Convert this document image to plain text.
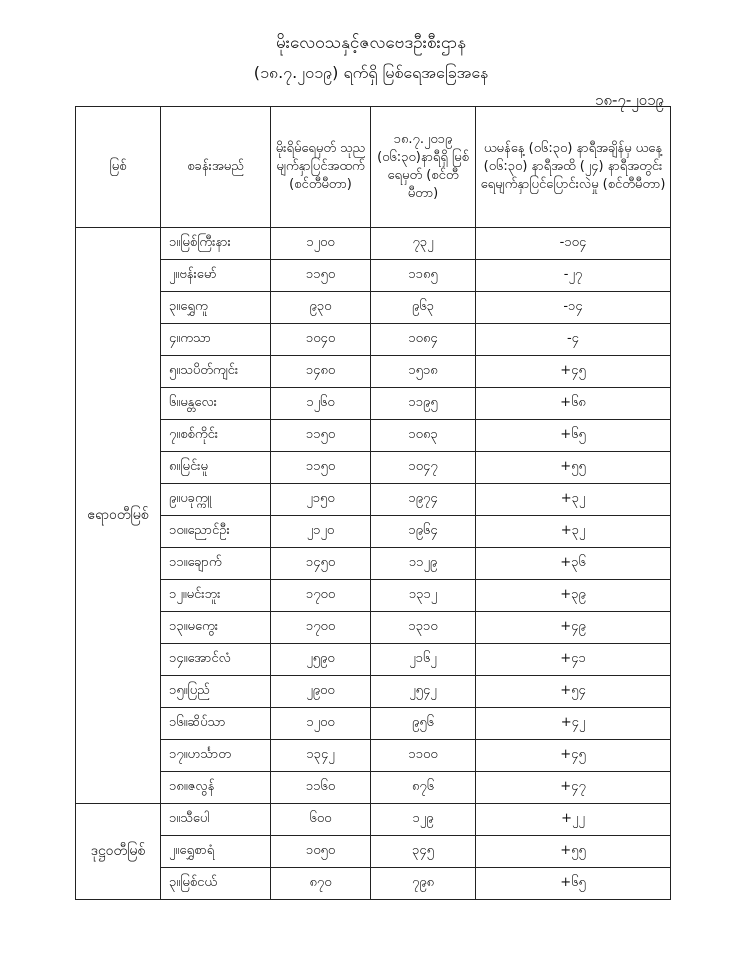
မိုးလေဝသနှင့်ဇလဗေဒဦးစီးဌာန
(၁၈.၇.၂၀၁၉) ရက်ရှိ မြစ်ရေအခြေအနေ
၁၈-၇-၂၀၁၉
မြစ်	စခန်းအမည်	မိုးရိမ်ရေမှတ် သုညမျက်နှာပြင်အထက် (စင်တီမီတာ)	၁၈.၇.၂၀၁၉ (၀၆:၃၀)နာရီရှိ မြစ်ရေမှတ် (စင်တီမီတာ)	ယမန်နေ့ (၀၆:၃၀) နာရီအချိန်မှ ယနေ့ (၀၆:၃၀) နာရီအထိ (၂၄) နာရီအတွင်း ရေမျက်နှာပြင်ပြောင်းလဲမှု (စင်တီမီတာ)
ဧရာဝတီမြစ်	၁။မြစ်ကြီးနား	၁၂၀၀	၇၃၂	-၁၀၄
	၂။ဗန်းမော်	၁၁၅၀	၁၁၈၅	-၂၇
	၃။ရွှေကူ	၉၃၀	၉၆၃	-၁၄
	၄။ကသာ	၁၀၄၀	၁၀၈၄	-၄
	၅။သပိတ်ကျင်း	၁၄၈၀	၁၅၁၈	+၄၅
	၆။မန္တလေး	၁၂၆၀	၁၁၉၅	+၆၈
	၇။စစ်ကိုင်း	၁၁၅၀	၁၀၈၃	+၆၅
	၈။မြင်းမူ	၁၁၅၀	၁၀၄၇	+၅၅
	၉။ပခုက္ကူ	၂၁၅၀	၁၉၇၄	+၃၂
	၁၀။ညောင်ဦး	၂၁၂၀	၁၉၆၄	+၃၂
	၁၁။ချောက်	၁၄၅၀	၁၁၂၉	+၃၆
	၁၂။မင်းဘူး	၁၇၀၀	၁၃၁၂	+၃၉
	၁၃။မကွေး	၁၇၀၀	၁၃၁၀	+၄၉
	၁၄။အောင်လံ	၂၅၉၀	၂၁၆၂	+၄၁
	၁၅။ပြည်	၂၉၀၀	၂၅၄၂	+၅၄
	၁၆။ဆိပ်သာ	၁၂၀၀	၉၅၆	+၄၂
	၁၇။ဟင်္သာတ	၁၃၄၂	၁၁၀၀	+၄၅
	၁၈။ဇလွန်	၁၁၆၀	၈၇၆	+၄၇
ဒုဋ္ဌဝတီမြစ်	၁။သီပေါ	၆၀၀	၁၂၉	+၂၂
	၂။ရွှေစာရံ	၁၀၅၀	၃၄၅	+၅၅
	၃။မြစ်ငယ်	၈၇၀	၇၉၈	+၆၅
